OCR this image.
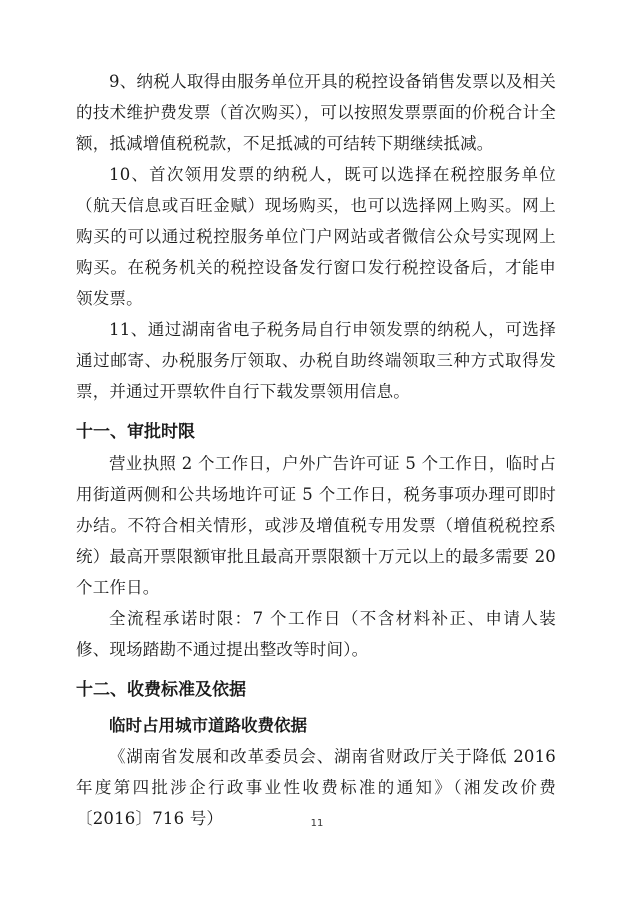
9、纳税人取得由服务单位开具的税控设备销售发票以及相关的技术维护费发票（首次购买），可以按照发票票面的价税合计全额，抵减增值税税款，不足抵减的可结转下期继续抵减。

10、首次领用发票的纳税人，既可以选择在税控服务单位（航天信息或百旺金赋）现场购买，也可以选择网上购买。网上购买的可以通过税控服务单位门户网站或者微信公众号实现网上购买。在税务机关的税控设备发行窗口发行税控设备后，才能申领发票。

11、通过湖南省电子税务局自行申领发票的纳税人，可选择通过邮寄、办税服务厅领取、办税自助终端领取三种方式取得发票，并通过开票软件自行下载发票领用信息。

十一、审批时限

营业执照 2 个工作日，户外广告许可证 5 个工作日，临时占用街道两侧和公共场地许可证 5 个工作日，税务事项办理可即时办结。不符合相关情形，或涉及增值税专用发票（增值税税控系统）最高开票限额审批且最高开票限额十万元以上的最多需要 20 个工作日。

全流程承诺时限：7 个工作日（不含材料补正、申请人装修、现场踏勘不通过提出整改等时间）。

十二、收费标准及依据
临时占用城市道路收费依据

《湖南省发展和改革委员会、湖南省财政厅关于降低 2016 年度第四批涉企行政事业性收费标准的通知》（湘发改价费〔2016〕716 号）	11
